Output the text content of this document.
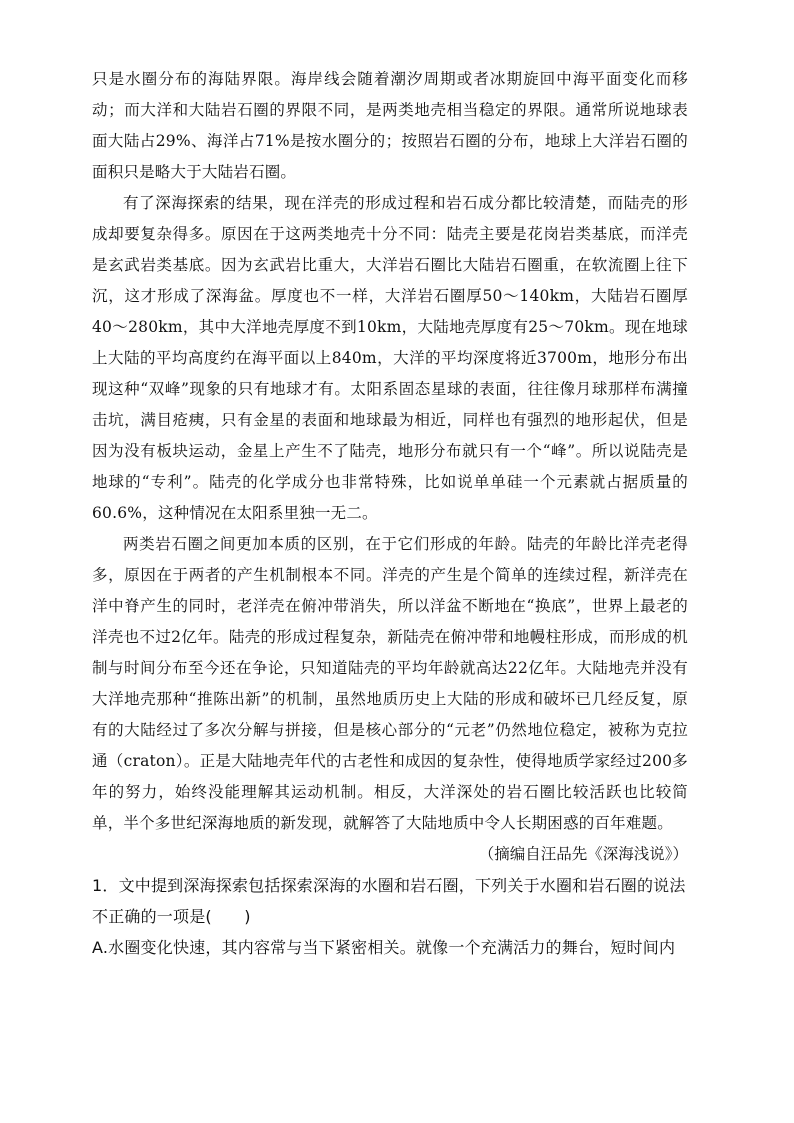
只是水圈分布的海陆界限。海岸线会随着潮汐周期或者冰期旋回中海平面变化而移动；而大洋和大陆岩石圈的界限不同，是两类地壳相当稳定的界限。通常所说地球表面大陆占29%、海洋占71%是按水圈分的；按照岩石圈的分布，地球上大洋岩石圈的面积只是略大于大陆岩石圈。

有了深海探索的结果，现在洋壳的形成过程和岩石成分都比较清楚，而陆壳的形成却要复杂得多。原因在于这两类地壳十分不同：陆壳主要是花岗岩类基底，而洋壳是玄武岩类基底。因为玄武岩比重大，大洋岩石圈比大陆岩石圈重，在软流圈上往下沉，这才形成了深海盆。厚度也不一样，大洋岩石圈厚50～140km，大陆岩石圈厚40～280km，其中大洋地壳厚度不到10km，大陆地壳厚度有25～70km。现在地球上大陆的平均高度约在海平面以上840m，大洋的平均深度将近3700m，地形分布出现这种“双峰”现象的只有地球才有。太阳系固态星球的表面，往往像月球那样布满撞击坑，满目疮痍，只有金星的表面和地球最为相近，同样也有强烈的地形起伏，但是因为没有板块运动，金星上产生不了陆壳，地形分布就只有一个“峰”。所以说陆壳是地球的“专利”。陆壳的化学成分也非常特殊，比如说单单硅一个元素就占据质量的60.6%，这种情况在太阳系里独一无二。

两类岩石圈之间更加本质的区别，在于它们形成的年龄。陆壳的年龄比洋壳老得多，原因在于两者的产生机制根本不同。洋壳的产生是个简单的连续过程，新洋壳在洋中脊产生的同时，老洋壳在俯冲带消失，所以洋盆不断地在“换底”，世界上最老的洋壳也不过2亿年。陆壳的形成过程复杂，新陆壳在俯冲带和地幔柱形成，而形成的机制与时间分布至今还在争论，只知道陆壳的平均年龄就高达22亿年。大陆地壳并没有大洋地壳那种“推陈出新”的机制，虽然地质历史上大陆的形成和破坏已几经反复，原有的大陆经过了多次分解与拼接，但是核心部分的“元老”仍然地位稳定，被称为克拉通（craton）。正是大陆地壳年代的古老性和成因的复杂性，使得地质学家经过200多年的努力，始终没能理解其运动机制。相反，大洋深处的岩石圈比较活跃也比较简单，半个多世纪深海地质的新发现，就解答了大陆地质中令人长期困惑的百年难题。

（摘编自汪品先《深海浅说》）

1．文中提到深海探索包括探索深海的水圈和岩石圈，下列关于水圈和岩石圈的说法不正确的一项是(　　)

A.水圈变化快速，其内容常与当下紧密相关。就像一个充满活力的舞台，短时间内
